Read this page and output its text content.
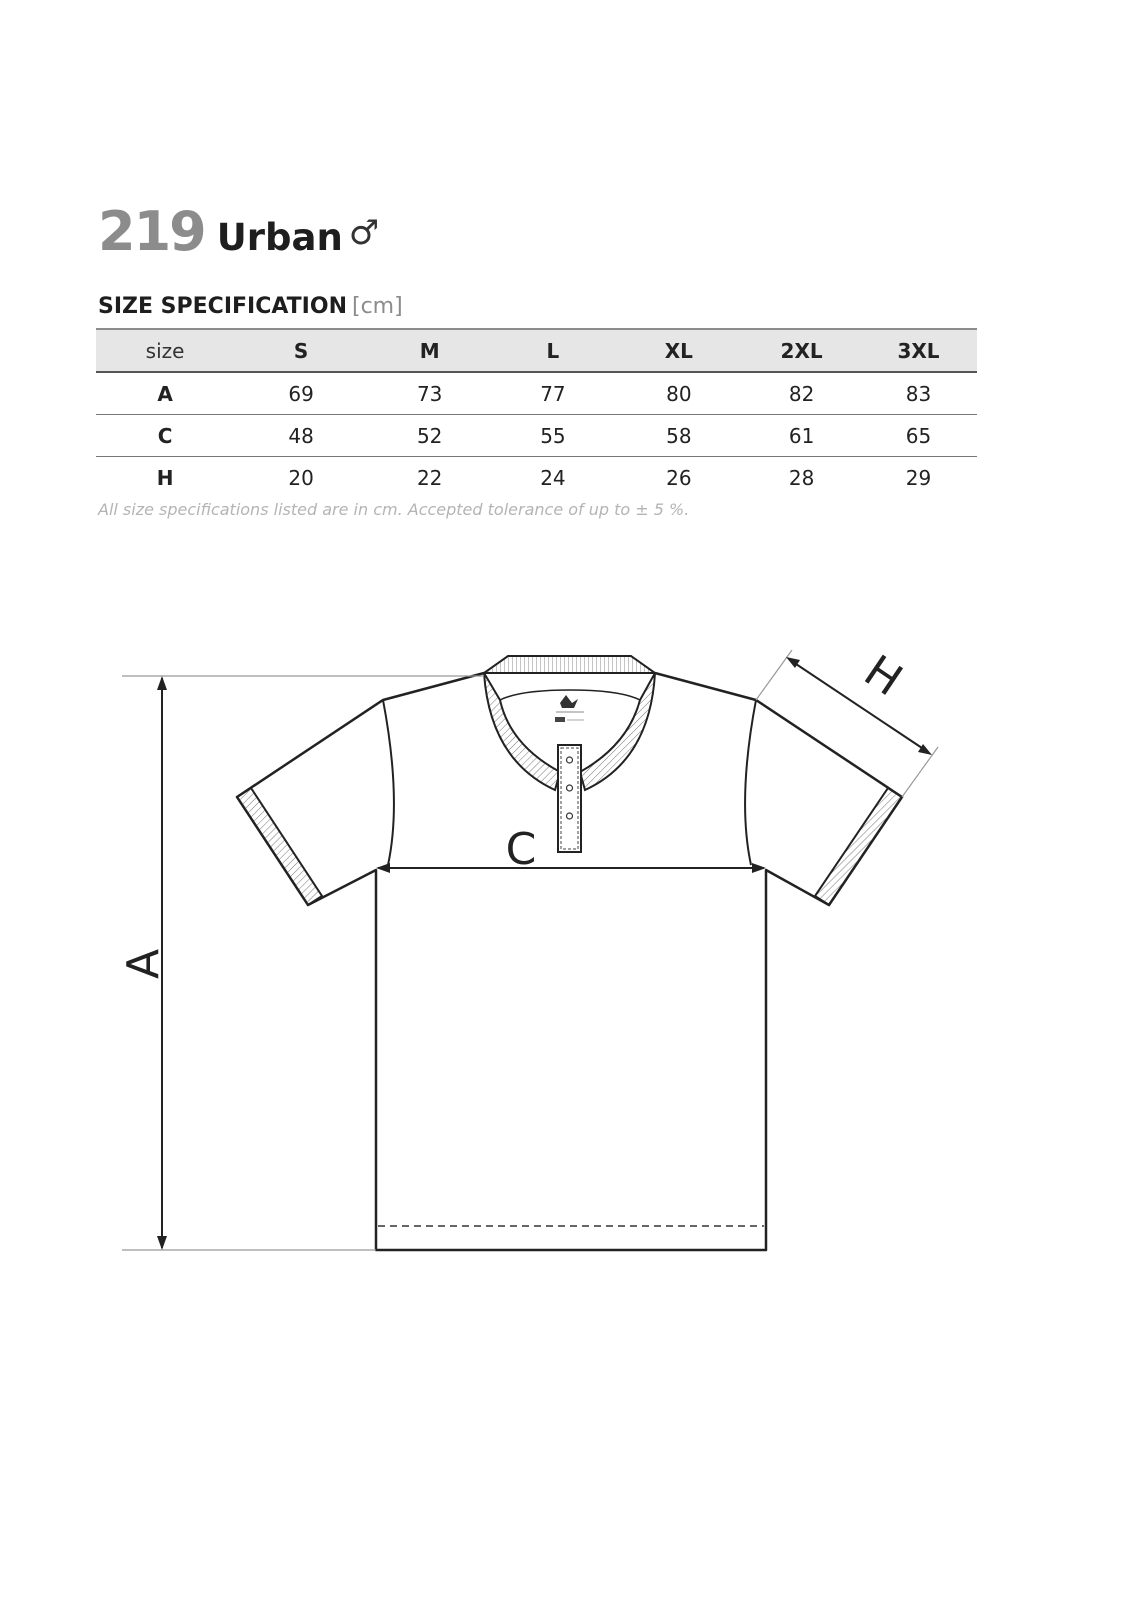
219 Urban ♂
SIZE SPECIFICATION [cm]
size	S	M	L	XL	2XL	3XL
A	69	73	77	80	82	83
C	48	52	55	58	61	65
H	20	22	24	26	28	29
All size specifications listed are in cm. Accepted tolerance of up to ± 5 %.
A
C
H
